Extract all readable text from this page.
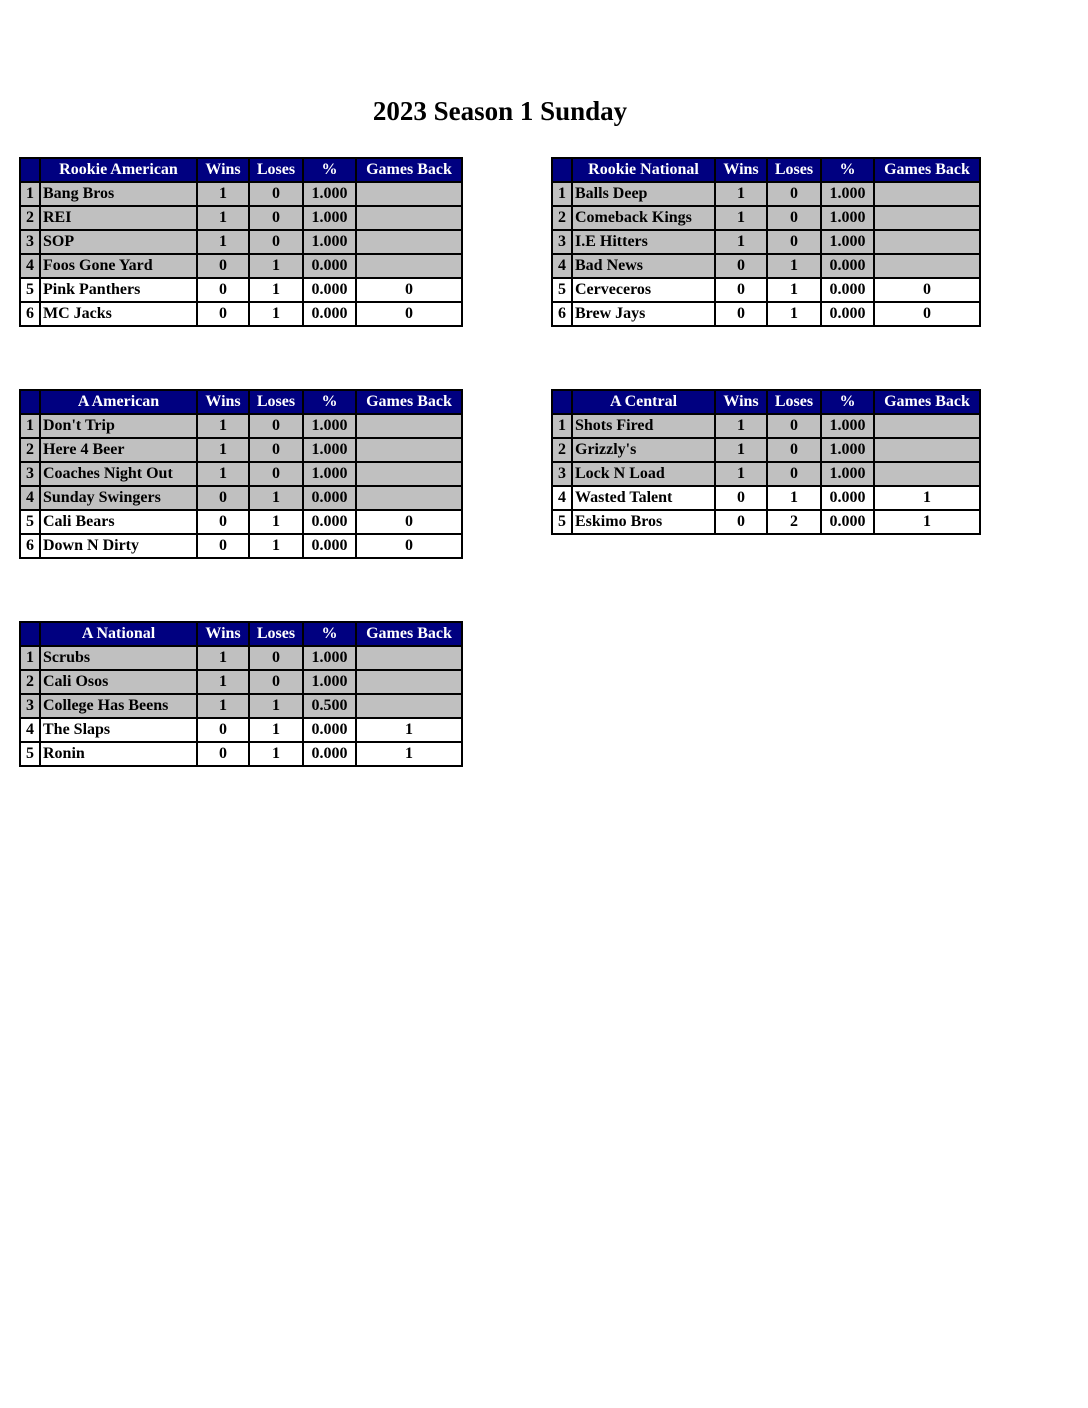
2023 Season 1 Sunday
	Rookie American	Wins	Loses	%	Games Back
1	Bang Bros	1	0	1.000	
2	REI	1	0	1.000	
3	SOP	1	0	1.000	
4	Foos Gone Yard	0	1	0.000	
5	Pink Panthers	0	1	0.000	0
6	MC Jacks	0	1	0.000	0
	Rookie National	Wins	Loses	%	Games Back
1	Balls Deep	1	0	1.000	
2	Comeback Kings	1	0	1.000	
3	I.E Hitters	1	0	1.000	
4	Bad News	0	1	0.000	
5	Cerveceros	0	1	0.000	0
6	Brew Jays	0	1	0.000	0
	A American	Wins	Loses	%	Games Back
1	Don't Trip	1	0	1.000	
2	Here 4 Beer	1	0	1.000	
3	Coaches Night Out	1	0	1.000	
4	Sunday Swingers	0	1	0.000	
5	Cali Bears	0	1	0.000	0
6	Down N Dirty	0	1	0.000	0
	A Central	Wins	Loses	%	Games Back
1	Shots Fired	1	0	1.000	
2	Grizzly's	1	0	1.000	
3	Lock N Load	1	0	1.000	
4	Wasted Talent	0	1	0.000	1
5	Eskimo Bros	0	2	0.000	1
	A National	Wins	Loses	%	Games Back
1	Scrubs	1	0	1.000	
2	Cali Osos	1	0	1.000	
3	College Has Beens	1	1	0.500	
4	The Slaps	0	1	0.000	1
5	Ronin	0	1	0.000	1
